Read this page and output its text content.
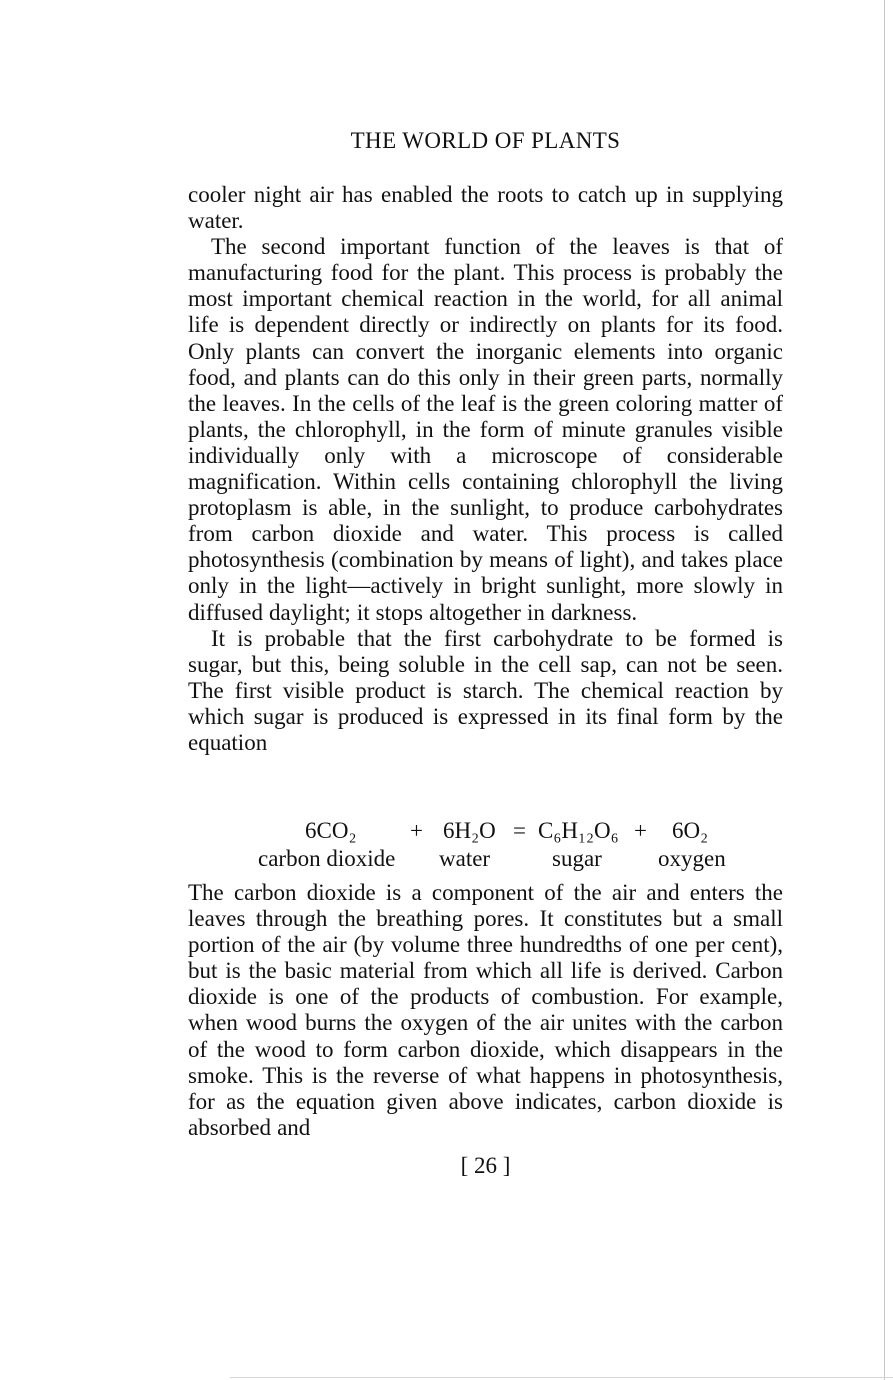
THE WORLD OF PLANTS

cooler night air has enabled the roots to catch up in supplying water.

The second important function of the leaves is that of manufacturing food for the plant. This process is probably the most important chemical reaction in the world, for all animal life is dependent directly or indirectly on plants for its food. Only plants can convert the inorganic elements into organic food, and plants can do this only in their green parts, normally the leaves. In the cells of the leaf is the green coloring matter of plants, the chlorophyll, in the form of minute granules visible individually only with a microscope of considerable magnification. Within cells containing chlorophyll the living protoplasm is able, in the sunlight, to produce carbohydrates from carbon dioxide and water. This process is called photosynthesis (combination by means of light), and takes place only in the light—actively in bright sunlight, more slowly in diffused daylight; it stops altogether in darkness.

It is probable that the first carbohydrate to be formed is sugar, but this, being soluble in the cell sap, can not be seen. The first visible product is starch. The chemical reaction by which sugar is produced is expressed in its final form by the equation

6CO₂ + 6H₂O = C₆H₁₂O₆ + 6O₂
carbon dioxide water	sugar oxygen

The carbon dioxide is a component of the air and enters the leaves through the breathing pores. It constitutes but a small portion of the air (by volume three hundredths of one per cent), but is the basic material from which all life is derived. Carbon dioxide is one of the products of combustion. For example, when wood burns the oxygen of the air unites with the carbon of the wood to form carbon dioxide, which disappears in the smoke. This is the reverse of what happens in photosynthesis, for as the equation given above indicates, carbon dioxide is absorbed and

[ 26 ]
